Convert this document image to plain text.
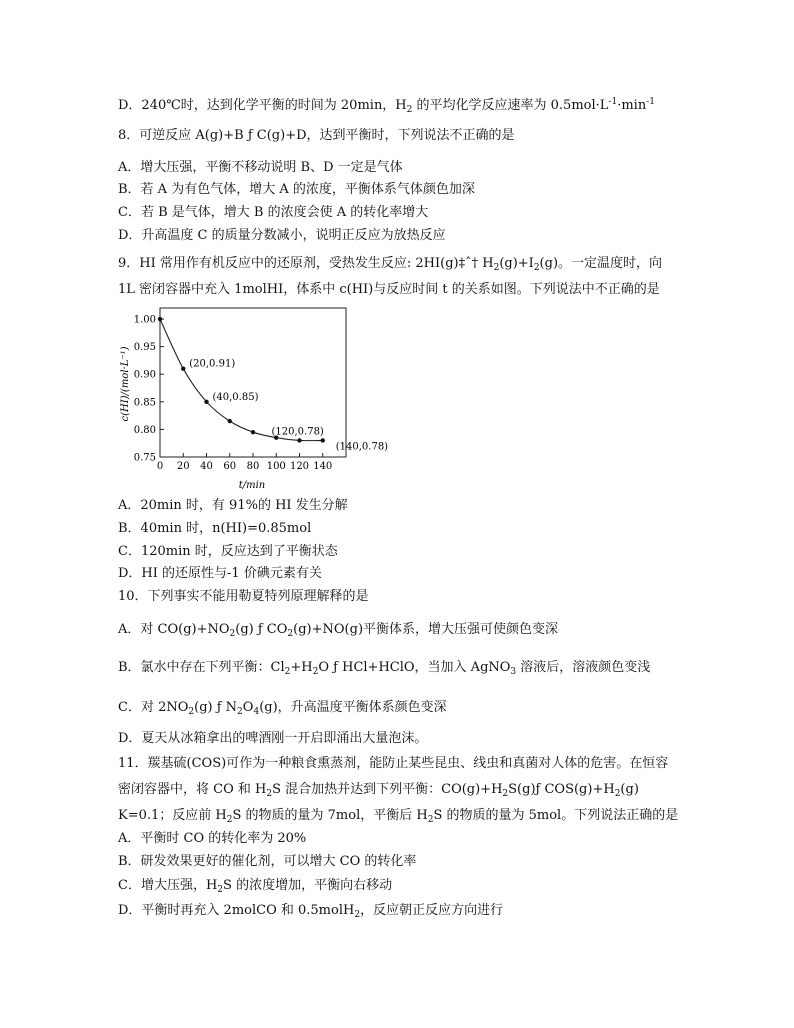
D．240℃时，达到化学平衡的时间为 20min，$H_2$ 的平均化学反应速率为 $0.5mol\cdot L^{-1}\cdot\min^{-1}$
8．可逆反应 A(g)+B ƒ C(g)+D，达到平衡时，下列说法不正确的是
A．增大压强，平衡不移动说明 B、D 一定是气体
B．若 A 为有色气体，增大 A 的浓度，平衡体系气体颜色加深
C．若 B 是气体，增大 B 的浓度会使 A 的转化率增大
D．升高温度 C 的质量分数减小，说明正反应为放热反应
9．HI 常用作有机反应中的还原剂，受热发生反应: 2HI(g)‡ˆ† $H_2(g)+I_2(g)$。一定温度时，向
1L 密闭容器中充入 1molHI，体系中 c(HI)与反应时间 t 的关系如图。下列说法中不正确的是
0.75
0.80
0.85
0.90
0.95
1.00
0 20 40 60 80 100 120 140
(20,0.91)
(40,0.85)
(120,0.78)
(140,0.78)
c(HI)/(mol·L⁻¹)
t/min
A．20min 时，有 91%的 HI 发生分解
B．40min 时，n(HI)=0.85mol
C．120min 时，反应达到了平衡状态
D．HI 的还原性与-1 价碘元素有关
10．下列事实不能用勒夏特列原理解释的是
A．对 $CO(g)+NO_2(g)$ ƒ $CO_2(g)+NO(g)$平衡体系，增大压强可使颜色变深
B．氯水中存在下列平衡：$Cl_2+H_2O$ ƒ HCl+HClO，当加入 AgNO$_3$ 溶液后，溶液颜色变浅
C．对 $2NO_2(g)$ ƒ $N_2O_4(g)$，升高温度平衡体系颜色变深
D．夏天从冰箱拿出的啤酒刚一开启即涌出大量泡沫。
11．羰基硫(COS)可作为一种粮食熏蒸剂，能防止某些昆虫、线虫和真菌对人体的危害。在恒容
密闭容器中，将 CO 和 $H_2S$ 混合加热并达到下列平衡：$CO(g)+H_2S(g)ƒ$ $COS(g)+H_2(g)$
K=0.1；反应前 $H_2S$ 的物质的量为 7mol，平衡后 $H_2S$ 的物质的量为 5mol。下列说法正确的是
A．平衡时 CO 的转化率为 20%
B．研发效果更好的催化剂，可以增大 CO 的转化率
C．增大压强，$H_2S$ 的浓度增加，平衡向右移动
D．平衡时再充入 2molCO 和 0.5molH$_2$，反应朝正反应方向进行
